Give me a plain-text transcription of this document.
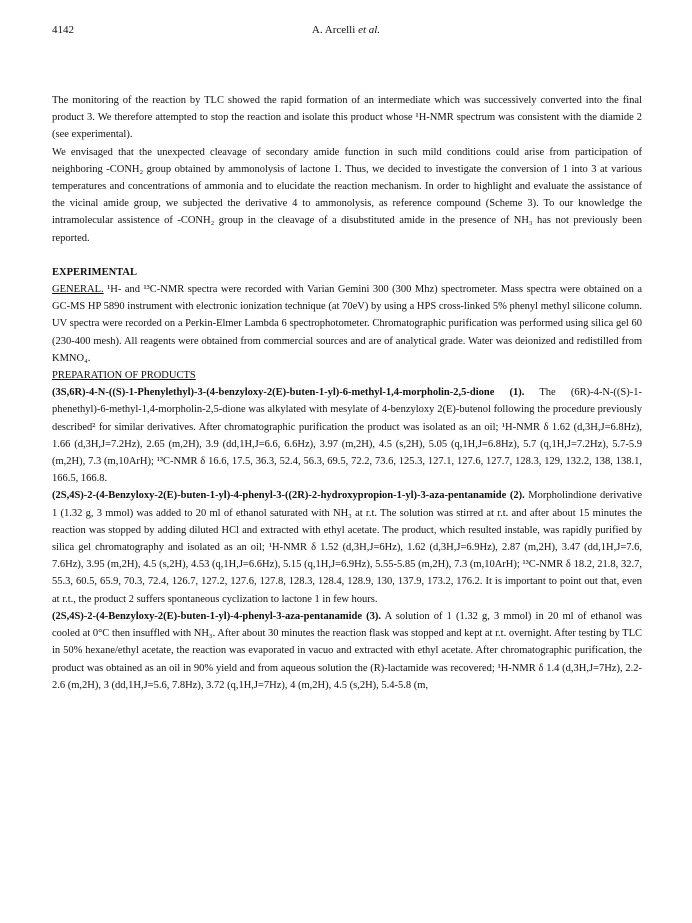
4142	A. Arcelli et al.

The monitoring of the reaction by TLC showed the rapid formation of an intermediate which was successively converted into the final product 3. We therefore attempted to stop the reaction and isolate this product whose ¹H-NMR spectrum was consistent with the diamide 2 (see experimental).

We envisaged that the unexpected cleavage of secondary amide function in such mild conditions could arise from participation of neighboring -CONH₂ group obtained by ammonolysis of lactone 1. Thus, we decided to investigate the conversion of 1 into 3 at various temperatures and concentrations of ammonia and to elucidate the reaction mechanism. In order to highlight and evaluate the assistance of the vicinal amide group, we subjected the derivative 4 to ammonolysis, as reference compound (Scheme 3). To our knowledge the intramolecular assistence of -CONH₂ group in the cleavage of a disubstituted amide in the presence of NH₃ has not previously been reported.

EXPERIMENTAL

GENERAL. ¹H- and ¹³C-NMR spectra were recorded with Varian Gemini 300 (300 Mhz) spectrometer. Mass spectra were obtained on a GC-MS HP 5890 instrument with electronic ionization technique (at 70eV) by using a HPS cross-linked 5% phenyl methyl silicone column. UV spectra were recorded on a Perkin-Elmer Lambda 6 spectrophotometer. Chromatographic purification was performed using silica gel 60 (230-400 mesh). All reagents were obtained from commercial sources and are of analytical grade. Water was deionized and redistilled from KMNO₄.

PREPARATION OF PRODUCTS

(3S,6R)-4-N-((S)-1-Phenylethyl)-3-(4-benzyloxy-2(E)-buten-1-yl)-6-methyl-1,4-morpholin-2,5-dione (1). The (6R)-4-N-((S)-1-phenethyl)-6-methyl-1,4-morpholin-2,5-dione was alkylated with mesylate of 4-benzyloxy 2(E)-butenol following the procedure previously described² for similar derivatives. After chromatographic purification the product was isolated as an oil; ¹H-NMR δ 1.62 (d,3H,J=6.8Hz), 1.66 (d,3H,J=7.2Hz), 2.65 (m,2H), 3.9 (dd,1H,J=6.6, 6.6Hz), 3.97 (m,2H), 4.5 (s,2H), 5.05 (q,1H,J=6.8Hz), 5.7 (q,1H,J=7.2Hz), 5.7-5.9 (m,2H), 7.3 (m,10ArH); ¹³C-NMR δ 16.6, 17.5, 36.3, 52.4, 56.3, 69.5, 72.2, 73.6, 125.3, 127.1, 127.6, 127.7, 128.3, 129, 132.2, 138, 138.1, 166.5, 166.8.

(2S,4S)-2-(4-Benzyloxy-2(E)-buten-1-yl)-4-phenyl-3-((2R)-2-hydroxypropion-1-yl)-3-aza-pentanamide (2). Morpholindione derivative 1 (1.32 g, 3 mmol) was added to 20 ml of ethanol saturated with NH₃ at r.t. The solution was stirred at r.t. and after about 15 minutes the reaction was stopped by adding diluted HCl and extracted with ethyl acetate. The product, which resulted instable, was rapidly purified by silica gel chromatography and isolated as an oil; ¹H-NMR δ 1.52 (d,3H,J=6Hz), 1.62 (d,3H,J=6.9Hz), 2.87 (m,2H), 3.47 (dd,1H,J=7.6, 7.6Hz), 3.95 (m,2H), 4.5 (s,2H), 4.53 (q,1H,J=6.6Hz), 5.15 (q,1H,J=6.9Hz), 5.55-5.85 (m,2H), 7.3 (m,10ArH); ¹³C-NMR δ 18.2, 21.8, 32.7, 55.3, 60.5, 65.9, 70.3, 72.4, 126.7, 127.2, 127.6, 127.8, 128.3, 128.4, 128.9, 130, 137.9, 173.2, 176.2. It is important to point out that, even at r.t., the product 2 suffers spontaneous cyclization to lactone 1 in few hours.

(2S,4S)-2-(4-Benzyloxy-2(E)-buten-1-yl)-4-phenyl-3-aza-pentanamide (3). A solution of 1 (1.32 g, 3 mmol) in 20 ml of ethanol was cooled at 0°C then insuffled with NH₃. After about 30 minutes the reaction flask was stopped and kept at r.t. overnight. After testing by TLC in 50% hexane/ethyl acetate, the reaction was evaporated in vacuo and extracted with ethyl acetate. After chromatographic purification, the product was obtained as an oil in 90% yield and from aqueous solution the (R)-lactamide was recovered; ¹H-NMR δ 1.4 (d,3H,J=7Hz), 2.2-2.6 (m,2H), 3 (dd,1H,J=5.6, 7.8Hz), 3.72 (q,1H,J=7Hz), 4 (m,2H), 4.5 (s,2H), 5.4-5.8 (m,
